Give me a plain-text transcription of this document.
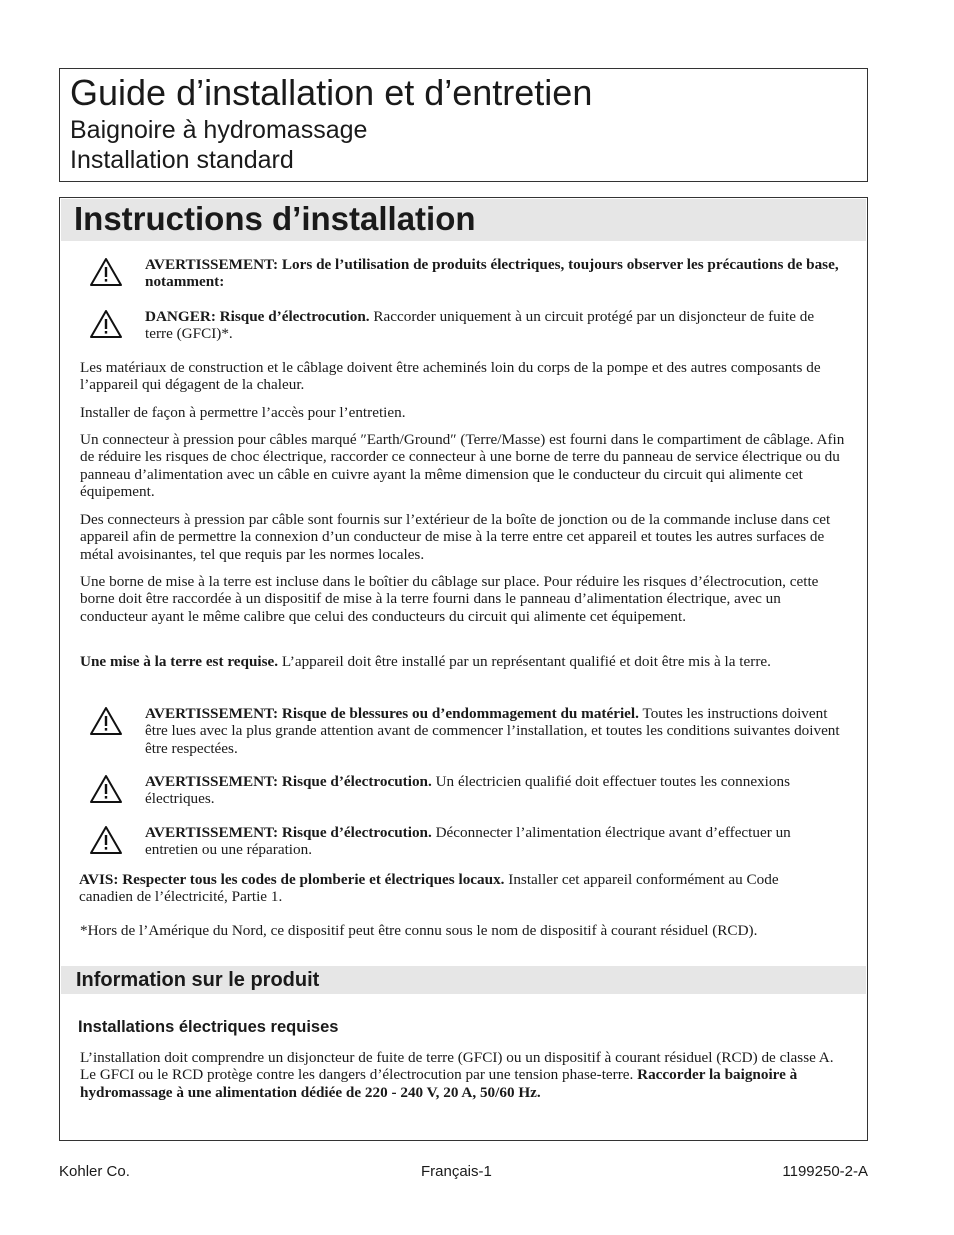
Guide d’installation et d’entretien

Baignoire à hydromassage

Installation standard

Instructions d’installation
AVERTISSEMENT: Lors de l’utilisation de produits électriques, toujours observer les précautions de base, notamment:
DANGER: Risque d’électrocution. Raccorder uniquement à un circuit protégé par un disjoncteur de fuite de terre (GFCI)*.

Les matériaux de construction et le câblage doivent être acheminés loin du corps de la pompe et des autres composants de l’appareil qui dégagent de la chaleur.

Installer de façon à permettre l’accès pour l’entretien.

Un connecteur à pression pour câbles marqué ″Earth/Ground″ (Terre/Masse) est fourni dans le compartiment de câblage. Afin de réduire les risques de choc électrique, raccorder ce connecteur à une borne de terre du panneau de service électrique ou du panneau d’alimentation avec un câble en cuivre ayant la même dimension que le conducteur du circuit qui alimente cet équipement.

Des connecteurs à pression par câble sont fournis sur l’extérieur de la boîte de jonction ou de la commande incluse dans cet appareil afin de permettre la connexion d’un conducteur de mise à la terre entre cet appareil et toutes les autres surfaces de métal avoisinantes, tel que requis par les normes locales.

Une borne de mise à la terre est incluse dans le boîtier du câblage sur place. Pour réduire les risques d’électrocution, cette borne doit être raccordée à un dispositif de mise à la terre fourni dans le panneau d’alimentation électrique, avec un conducteur ayant le même calibre que celui des conducteurs du circuit qui alimente cet équipement.

Une mise à la terre est requise. L’appareil doit être installé par un représentant qualifié et doit être mis à la terre.

AVERTISSEMENT: Risque de blessures ou d’endommagement du matériel. Toutes les instructions doivent être lues avec la plus grande attention avant de commencer l’installation, et toutes les conditions suivantes doivent être respectées.
AVERTISSEMENT: Risque d’électrocution. Un électricien qualifié doit effectuer toutes les connexions électriques.
AVERTISSEMENT: Risque d’électrocution. Déconnecter l’alimentation électrique avant d’effectuer un entretien ou une réparation.

AVIS: Respecter tous les codes de plomberie et électriques locaux. Installer cet appareil conformément au Code canadien de l’électricité, Partie 1.

*Hors de l’Amérique du Nord, ce dispositif peut être connu sous le nom de dispositif à courant résiduel (RCD).

Information sur le produit
Installations électriques requises

L’installation doit comprendre un disjoncteur de fuite de terre (GFCI) ou un dispositif à courant résiduel (RCD) de classe A. Le GFCI ou le RCD protège contre les dangers d’électrocution par une tension phase-terre. Raccorder la baignoire à hydromassage à une alimentation dédiée de 220 - 240 V, 20 A, 50/60 Hz.

Kohler Co.	Français-1	1199250-2-A
